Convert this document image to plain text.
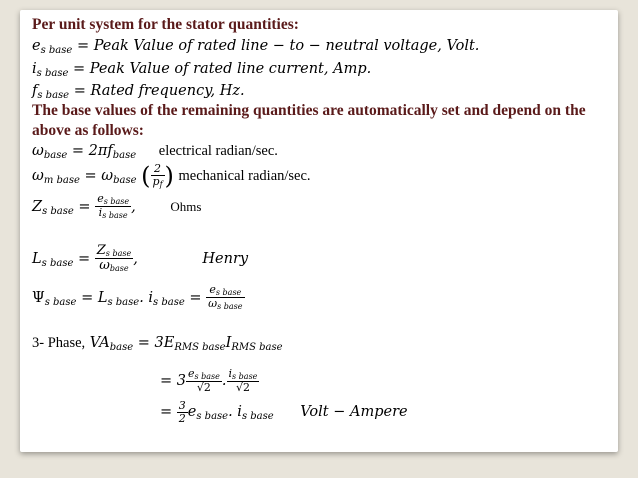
Per unit system for the stator quantities:
$e_{s base}$ = Peak Value of rated line − to − neutral voltage, Volt.
$i_{s base}$ = Peak Value of rated line current, Amp.
$f_{s base}$ = Rated frequency, Hz.
The base values of the remaining quantities are automatically set and depend on the
above as follows:
$\omega_{base} = 2\pi f_{base}$ electrical radian/sec.
$\omega_{m base} = \omega_{base}$ ( $\frac{2}{p_f}$ ) mechanical radian/sec.
$Z_{s base} = \frac{e_{s base}}{i_{s base}}$ ,	Ohms
$L_{s base} = \frac{Z_{s base}}{\omega_{base}}$ ,	Henry
$\Psi_{s base} = L_{s base}$. $i_{s base} = \frac{e_{s base}}{\omega_{s base}}$
3- Phase, $VA_{base} = 3E_{RMS base}I_{RMS base}$
= $3 \frac{e_{s base}}{√2}$ . $\frac{i_{s base}}{√2}$
= $\frac{3}{2} e_{s base}$. $i_{s base}$ Volt − Ampere
